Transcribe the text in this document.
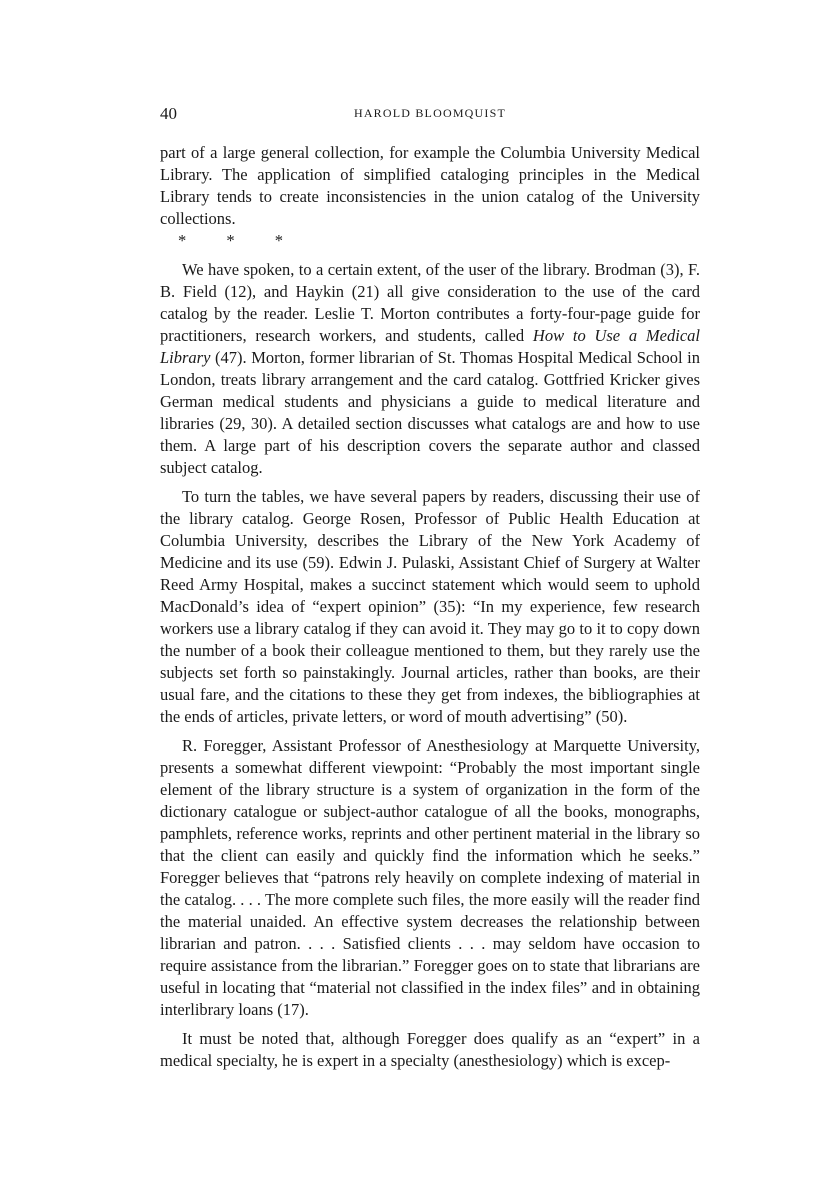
40	HAROLD BLOOMQUIST

part of a large general collection, for example the Columbia University Medical Library. The application of simplified cataloging principles in the Medical Library tends to create inconsistencies in the union catalog of the University collections.

* * *

We have spoken, to a certain extent, of the user of the library. Brodman (3), F. B. Field (12), and Haykin (21) all give consideration to the use of the card catalog by the reader. Leslie T. Morton contributes a forty-four-page guide for practitioners, research workers, and students, called How to Use a Medical Library (47). Morton, former librarian of St. Thomas Hospital Medical School in London, treats library arrangement and the card catalog. Gottfried Kricker gives German medical students and physicians a guide to medical literature and libraries (29, 30). A detailed section discusses what catalogs are and how to use them. A large part of his description covers the separate author and classed subject catalog.

To turn the tables, we have several papers by readers, discussing their use of the library catalog. George Rosen, Professor of Public Health Education at Columbia University, describes the Library of the New York Academy of Medicine and its use (59). Edwin J. Pulaski, Assistant Chief of Surgery at Walter Reed Army Hospital, makes a succinct statement which would seem to uphold MacDonald’s idea of “expert opinion” (35): “In my experience, few research workers use a library catalog if they can avoid it. They may go to it to copy down the number of a book their colleague mentioned to them, but they rarely use the subjects set forth so painstakingly. Journal articles, rather than books, are their usual fare, and the citations to these they get from indexes, the bibliographies at the ends of articles, private letters, or word of mouth advertising” (50).

R. Foregger, Assistant Professor of Anesthesiology at Marquette University, presents a somewhat different viewpoint: “Probably the most important single element of the library structure is a system of organization in the form of the dictionary catalogue or subject-author catalogue of all the books, monographs, pamphlets, reference works, reprints and other pertinent material in the library so that the client can easily and quickly find the information which he seeks.” Foregger believes that “patrons rely heavily on complete indexing of material in the catalog. . . . The more complete such files, the more easily will the reader find the material unaided. An effective system decreases the relationship between librarian and patron. . . . Satisfied clients . . . may seldom have occasion to require assistance from the librarian.” Foregger goes on to state that librarians are useful in locating that “material not classified in the index files” and in obtaining interlibrary loans (17).

It must be noted that, although Foregger does qualify as an “expert” in a medical specialty, he is expert in a specialty (anesthesiology) which is excep-
